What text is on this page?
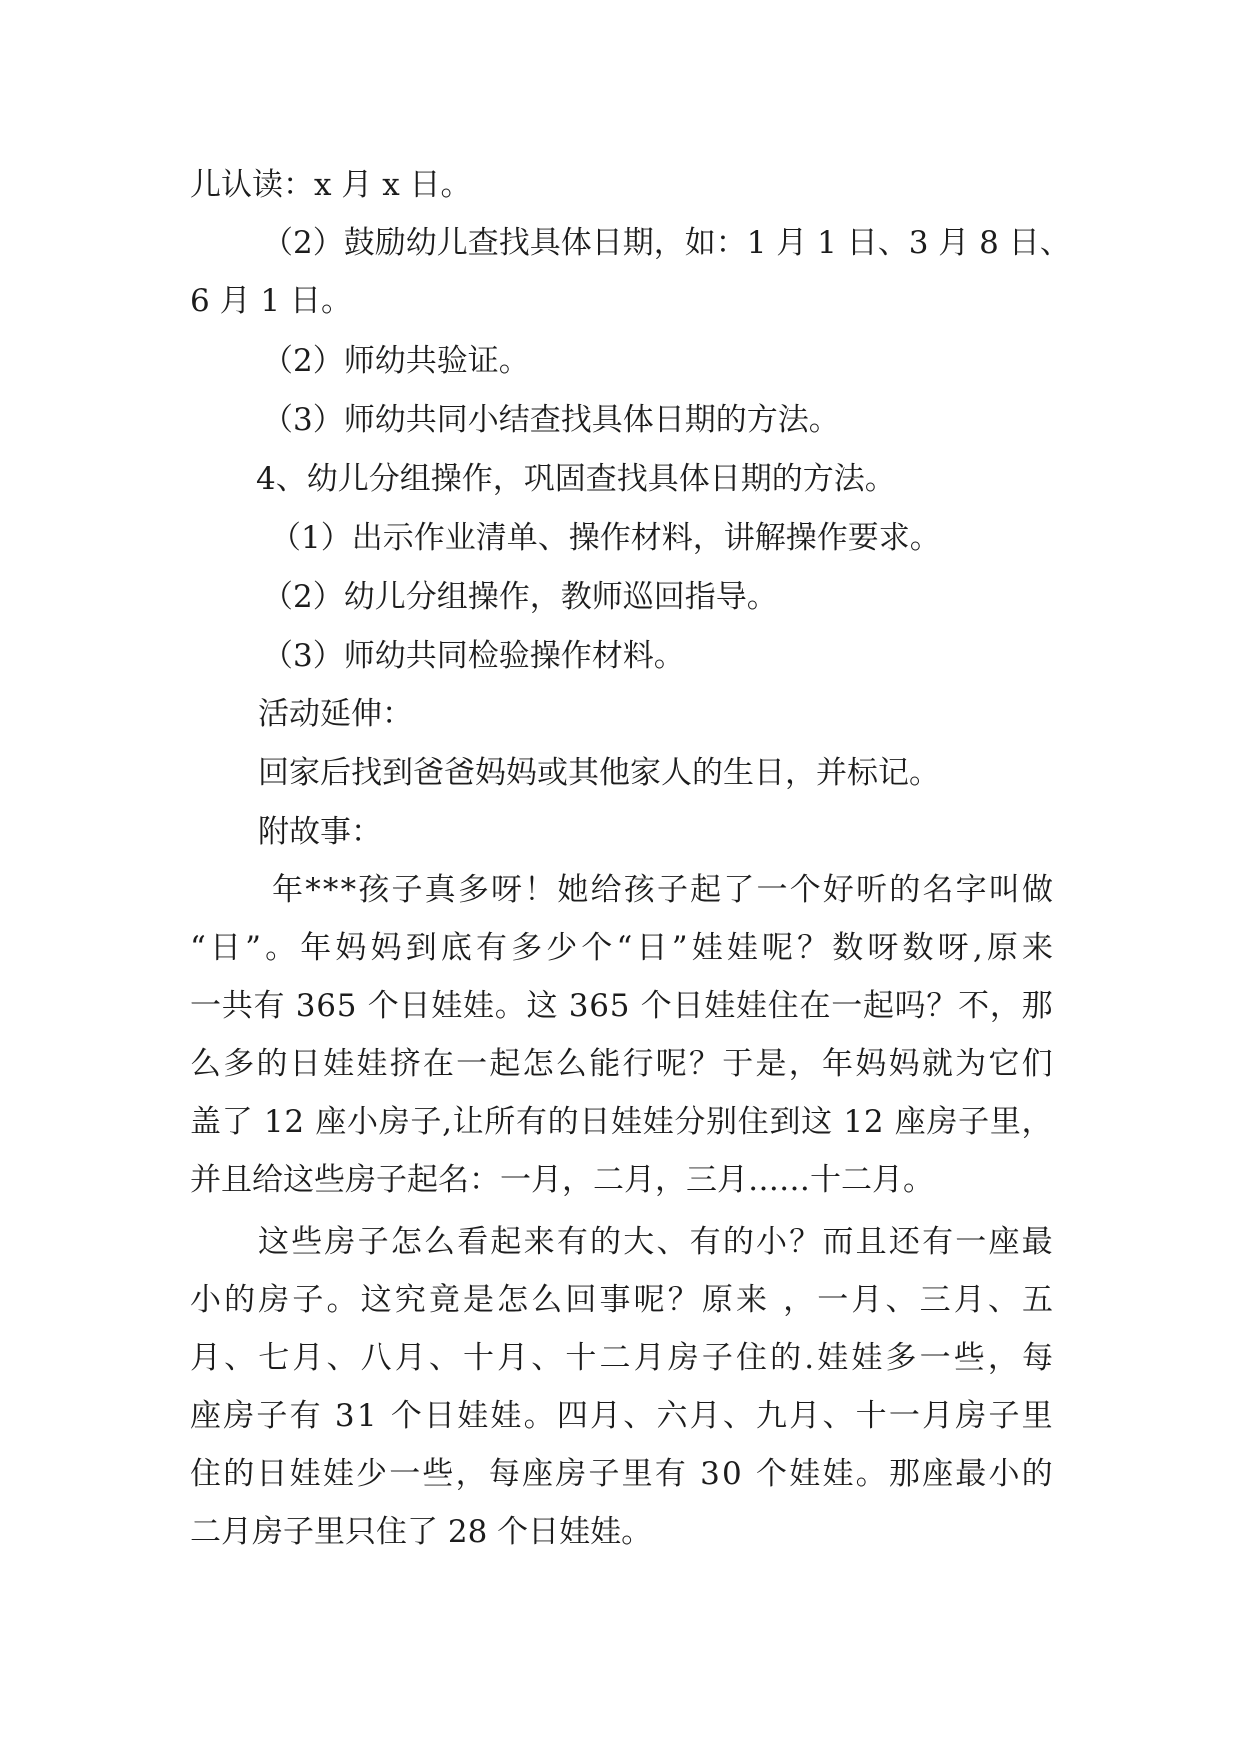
儿认读：x 月 x 日。
（2）鼓励幼儿查找具体日期，如：1 月 1 日、3 月 8 日、
6 月 1 日。
（2）师幼共验证。
（3）师幼共同小结查找具体日期的方法。
4、幼儿分组操作，巩固查找具体日期的方法。
（1）出示作业清单、操作材料，讲解操作要求。
（2）幼儿分组操作，教师巡回指导。
（3）师幼共同检验操作材料。
活动延伸：
回家后找到爸爸妈妈或其他家人的生日，并标记。
附故事：
年 * * * 孩 子 真 多 呀 ！ 她 给 孩 子 起 了 一 个 好 听 的 名 字 叫 做
“ 日 ” 。 年 妈 妈 到 底 有 多 少 个 “ 日 ” 娃 娃 呢 ？ 数 呀 数 呀 , 原 来
一 共 有
3 6 5
个 日 娃 娃 。 这
3 6 5
个 日 娃 娃 住 在 一 起 吗 ？ 不 ， 那
么 多 的 日 娃 娃 挤 在 一 起 怎 么 能 行 呢 ？ 于 是 ， 年 妈 妈 就 为 它 们
盖 了
1 2
座 小 房 子 , 让 所 有 的 日 娃 娃 分 别 住 到 这
1 2
座 房 子 里 ，
并且给这些房子起名：一月，二月，三月……十二月。
这 些 房 子 怎 么 看 起 来 有 的 大 、 有 的 小 ？ 而 且 还 有 一 座 最
小 的 房 子 。 这 究 竟 是 怎 么 回 事 呢 ？ 原 来
， 一 月 、 三 月 、 五
月 、 七 月 、 八 月 、 十 月 、 十 二 月 房 子 住 的 . 娃 娃 多 一 些 ， 每
座 房 子 有
3 1
个 日 娃 娃 。 四 月 、 六 月 、 九 月 、 十 一 月 房 子 里
住 的 日 娃 娃 少 一 些 ， 每 座 房 子 里 有
3 0
个 娃 娃 。 那 座 最 小 的
二月房子里只住了 28 个日娃娃。
